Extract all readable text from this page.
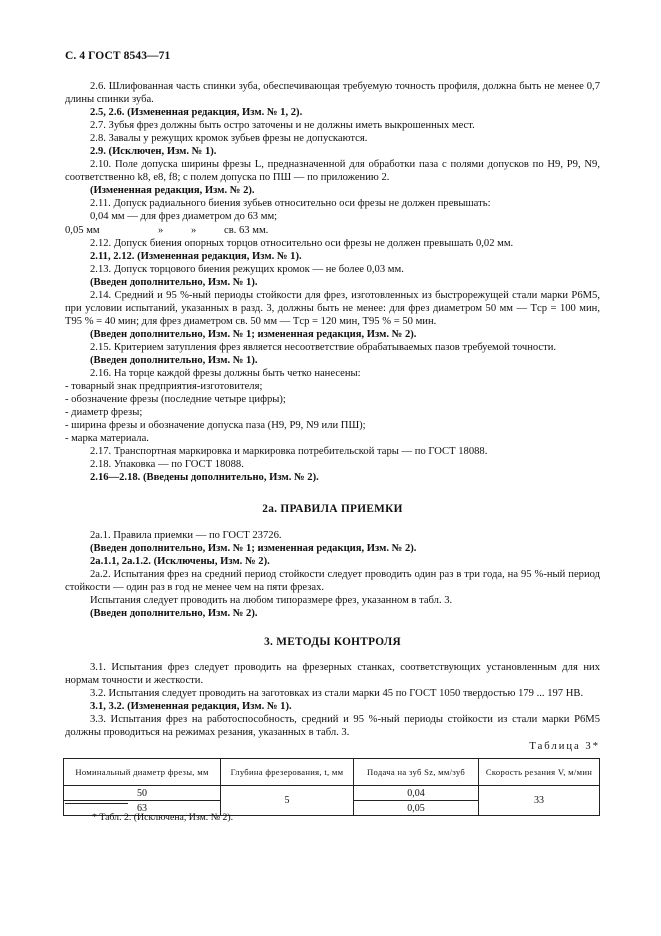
С. 4 ГОСТ 8543—71

2.6. Шлифованная часть спинки зуба, обеспечивающая требуемую точность профиля, должна быть не менее 0,7 длины спинки зуба.

2.5, 2.6. (Измененная редакция, Изм. № 1, 2).

2.7. Зубья фрез должны быть остро заточены и не должны иметь выкрошенных мест.

2.8. Завалы у режущих кромок зубьев фрезы не допускаются.

2.9. (Исключен, Изм. № 1).

2.10. Поле допуска ширины фрезы L, предназначенной для обработки паза с полями допусков по Н9, Р9, N9, соответственно k8, e8, f8; с полем допуска по ПШ — по приложению 2.

(Измененная редакция, Изм. № 2).

2.11. Допуск радиального биения зубьев относительно оси фрезы не должен превышать:

0,04 мм — для фрез диаметром до 63 мм;
0,05 мм	»	»	св. 63 мм.

2.12. Допуск биения опорных торцов относительно оси фрезы не должен превышать 0,02 мм.

2.11, 2.12. (Измененная редакция, Изм. № 1).

2.13. Допуск торцового биения режущих кромок — не более 0,03 мм.

(Введен дополнительно, Изм. № 1).

2.14. Средний и 95 %-ный периоды стойкости для фрез, изготовленных из быстрорежущей стали марки Р6М5, при условии испытаний, указанных в разд. 3, должны быть не менее: для фрез диаметром 50 мм — Tср = 100 мин, T95 % = 40 мин; для фрез диаметром св. 50 мм — Tср = 120 мин, T95 % = 50 мин.

(Введен дополнительно, Изм. № 1; измененная редакция, Изм. № 2).

2.15. Критерием затупления фрез является несоответствие обрабатываемых пазов требуемой точности.

(Введен дополнительно, Изм. № 1).

2.16. На торце каждой фрезы должны быть четко нанесены:

- товарный знак предприятия-изготовителя;

- обозначение фрезы (последние четыре цифры);

- диаметр фрезы;

- ширина фрезы и обозначение допуска паза (Н9, Р9, N9 или ПШ);

- марка материала.

2.17. Транспортная маркировка и маркировка потребительской тары — по ГОСТ 18088.

2.18. Упаковка — по ГОСТ 18088.

2.16—2.18. (Введены дополнительно, Изм. № 2).

2а. ПРАВИЛА ПРИЕМКИ

2а.1. Правила приемки — по ГОСТ 23726.

(Введен дополнительно, Изм. № 1; измененная редакция, Изм. № 2).

2а.1.1, 2а.1.2. (Исключены, Изм. № 2).

2а.2. Испытания фрез на средний период стойкости следует проводить один раз в три года, на 95 %-ный период стойкости — один раз в год не менее чем на пяти фрезах.

Испытания следует проводить на любом типоразмере фрез, указанном в табл. 3.

(Введен дополнительно, Изм. № 2).

3. МЕТОДЫ КОНТРОЛЯ

3.1. Испытания фрез следует проводить на фрезерных станках, соответствующих установленным для них нормам точности и жесткости.

3.2. Испытания следует проводить на заготовках из стали марки 45 по ГОСТ 1050 твердостью 179 ... 197 НВ.

3.1, 3.2. (Измененная редакция, Изм. № 1).

3.3. Испытания фрез на работоспособность, средний и 95 %-ный периоды стойкости из стали марки Р6М5 должны проводиться на режимах резания, указанных в табл. 3.

Таблица 3*
Номинальный диаметр фрезы, мм	Глубина фрезерования, t, мм	Подача на зуб Sz, мм/зуб	Скорость резания V, м/мин
50	5	0,04	33
63		0,05	
* Табл. 2. (Исключена, Изм. № 2).
